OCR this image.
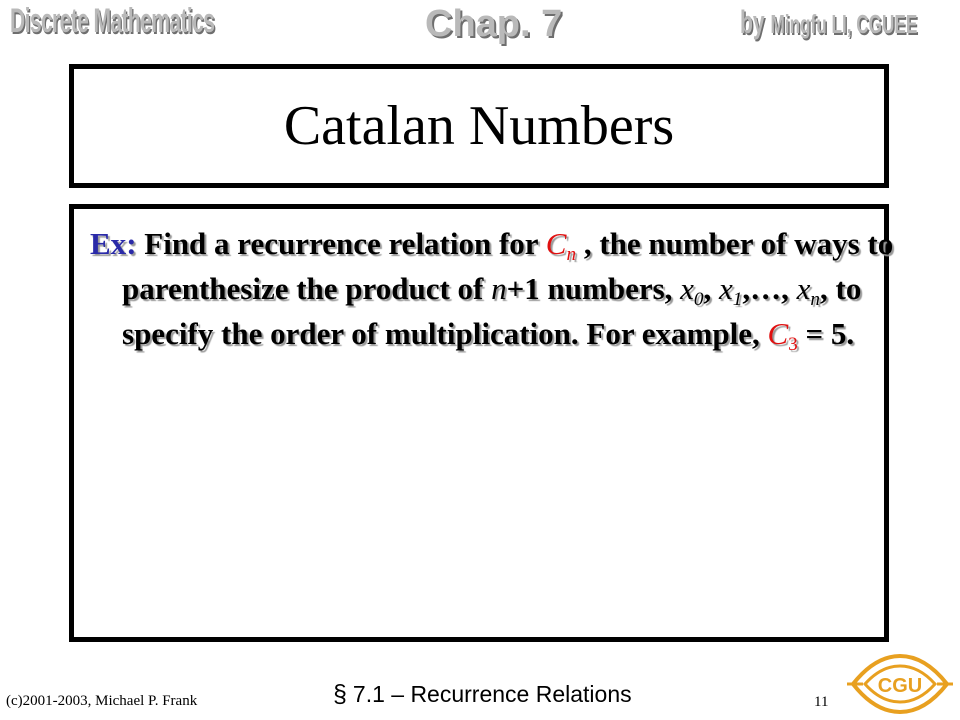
Discrete Mathematics	Chap. 7	by Mingfu LI, CGUEE
Catalan Numbers

Ex: Find a recurrence relation for $C_n$ , the number of ways to parenthesize the product of n+1 numbers, $x_0$, $x_1,\dots$, $x_n$, to specify the order of multiplication. For example, $C_3 = 5$.

(c)2001-2003, Michael P. Frank	§ 7.1 – Recurrence Relations	11
CGU
